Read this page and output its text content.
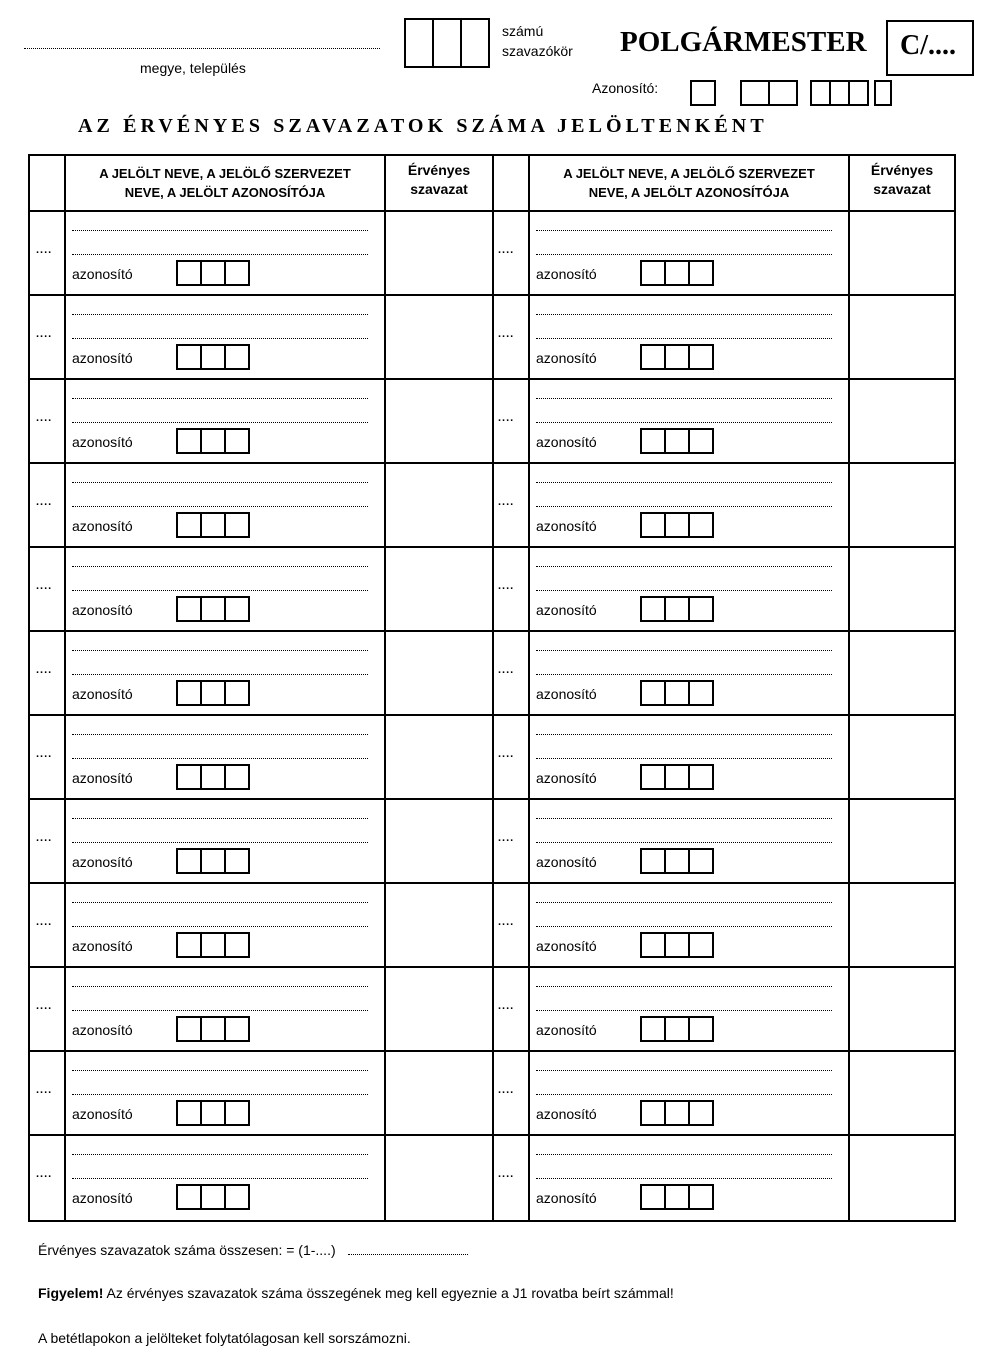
megye, település
számú
szavazókör POLGÁRMESTER C/....
Azonosító:
AZ ÉRVÉNYES SZAVAZATOK SZÁMA JELÖLTENKÉNT
A JELÖLT NEVE, A JELÖLŐ SZERVEZET
NEVE, A JELÖLT AZONOSÍTÓJA
Érvényes
szavazat
A JELÖLT NEVE, A JELÖLŐ SZERVEZET
NEVE, A JELÖLT AZONOSÍTÓJA
Érvényes
szavazat
....
azonosító
....
azonosító
....
azonosító
....
azonosító
....
azonosító
....
azonosító
....
azonosító
....
azonosító
....
azonosító
....
azonosító
....
azonosító
....
azonosító
....
azonosító
....
azonosító
....
azonosító
....
azonosító
....
azonosító
....
azonosító
....
azonosító
....
azonosító
....
azonosító
....
azonosító
....
azonosító
....
azonosító
Érvényes szavazatok száma összesen: = (1-....)
Figyelem! Az érvényes szavazatok száma összegének meg kell egyeznie a J1 rovatba beírt számmal!
A betétlapokon a jelölteket folytatólagosan kell sorszámozni.
